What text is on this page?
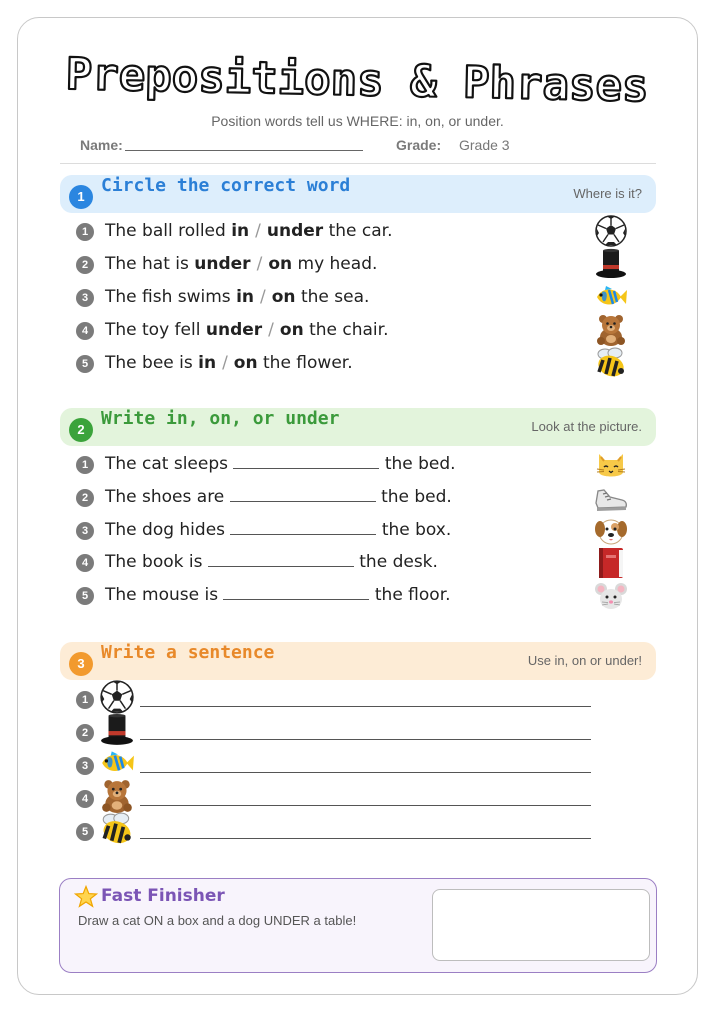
Prepositions & Phrases
Position words tell us WHERE: in, on, or under.
Name:	Grade: Grade 3
1
Circle the correct word	Where is it?
1 The ball rolled in / under the car.
2 The hat is under / on my head.
3 The fish swims in / on the sea.
4 The toy fell under / on the chair.
5 The bee is in / on the flower.
2
Write in, on, or under	Look at the picture.
1 The cat sleeps	the bed.
2 The shoes are	the bed.
3 The dog hides	the box.
4 The book is	the desk.
5 The mouse is	the floor.
3
Write a sentence	Use in, on or under!
1
2
3
4
5
Fast Finisher
Draw a cat ON a box and a dog UNDER a table!
